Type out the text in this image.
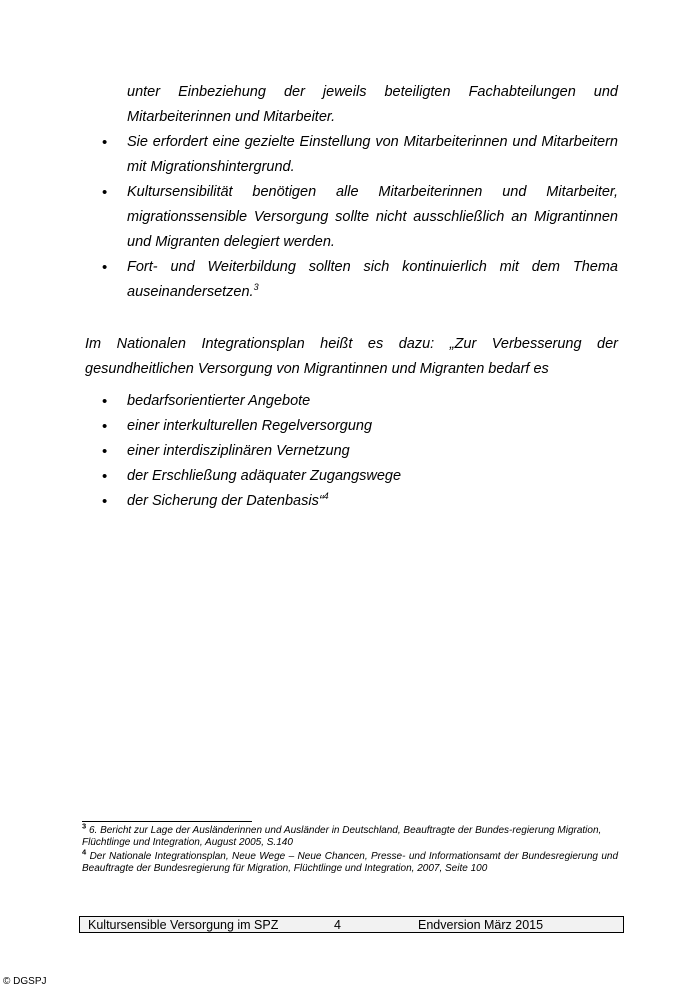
unter Einbeziehung der jeweils beteiligten Fachabteilungen und Mitarbeiterinnen und Mitarbeiter.
• Sie erfordert eine gezielte Einstellung von Mitarbeiterinnen und Mitarbeitern mit Migrationshintergrund.
• Kultursensibilität benötigen alle Mitarbeiterinnen und Mitarbeiter, migrationssensible Versorgung sollte nicht ausschließlich an Migrantinnen und Migranten delegiert werden.
• Fort- und Weiterbildung sollten sich kontinuierlich mit dem Thema auseinandersetzen.$^3$
Im Nationalen Integrationsplan heißt es dazu: „Zur Verbesserung der gesundheitlichen Versorgung von Migrantinnen und Migranten bedarf es
• bedarfsorientierter Angebote
• einer interkulturellen Regelversorgung
• einer interdisziplinären Vernetzung
• der Erschließung adäquater Zugangswege
• der Sicherung der Datenbasis“$^4$
$^3$ 6. Bericht zur Lage der Ausländerinnen und Ausländer in Deutschland, Beauftragte der Bundes-regierung Migration, Flüchtlinge und Integration, August 2005, S.140
$^4$ Der Nationale Integrationsplan, Neue Wege – Neue Chancen, Presse- und Informationsamt der Bundesregierung und Beauftragte der Bundesregierung für Migration, Flüchtlinge und Integration, 2007, Seite 100
Kultursensible Versorgung im SPZ	4	Endversion März 2015
© DGSPJ
